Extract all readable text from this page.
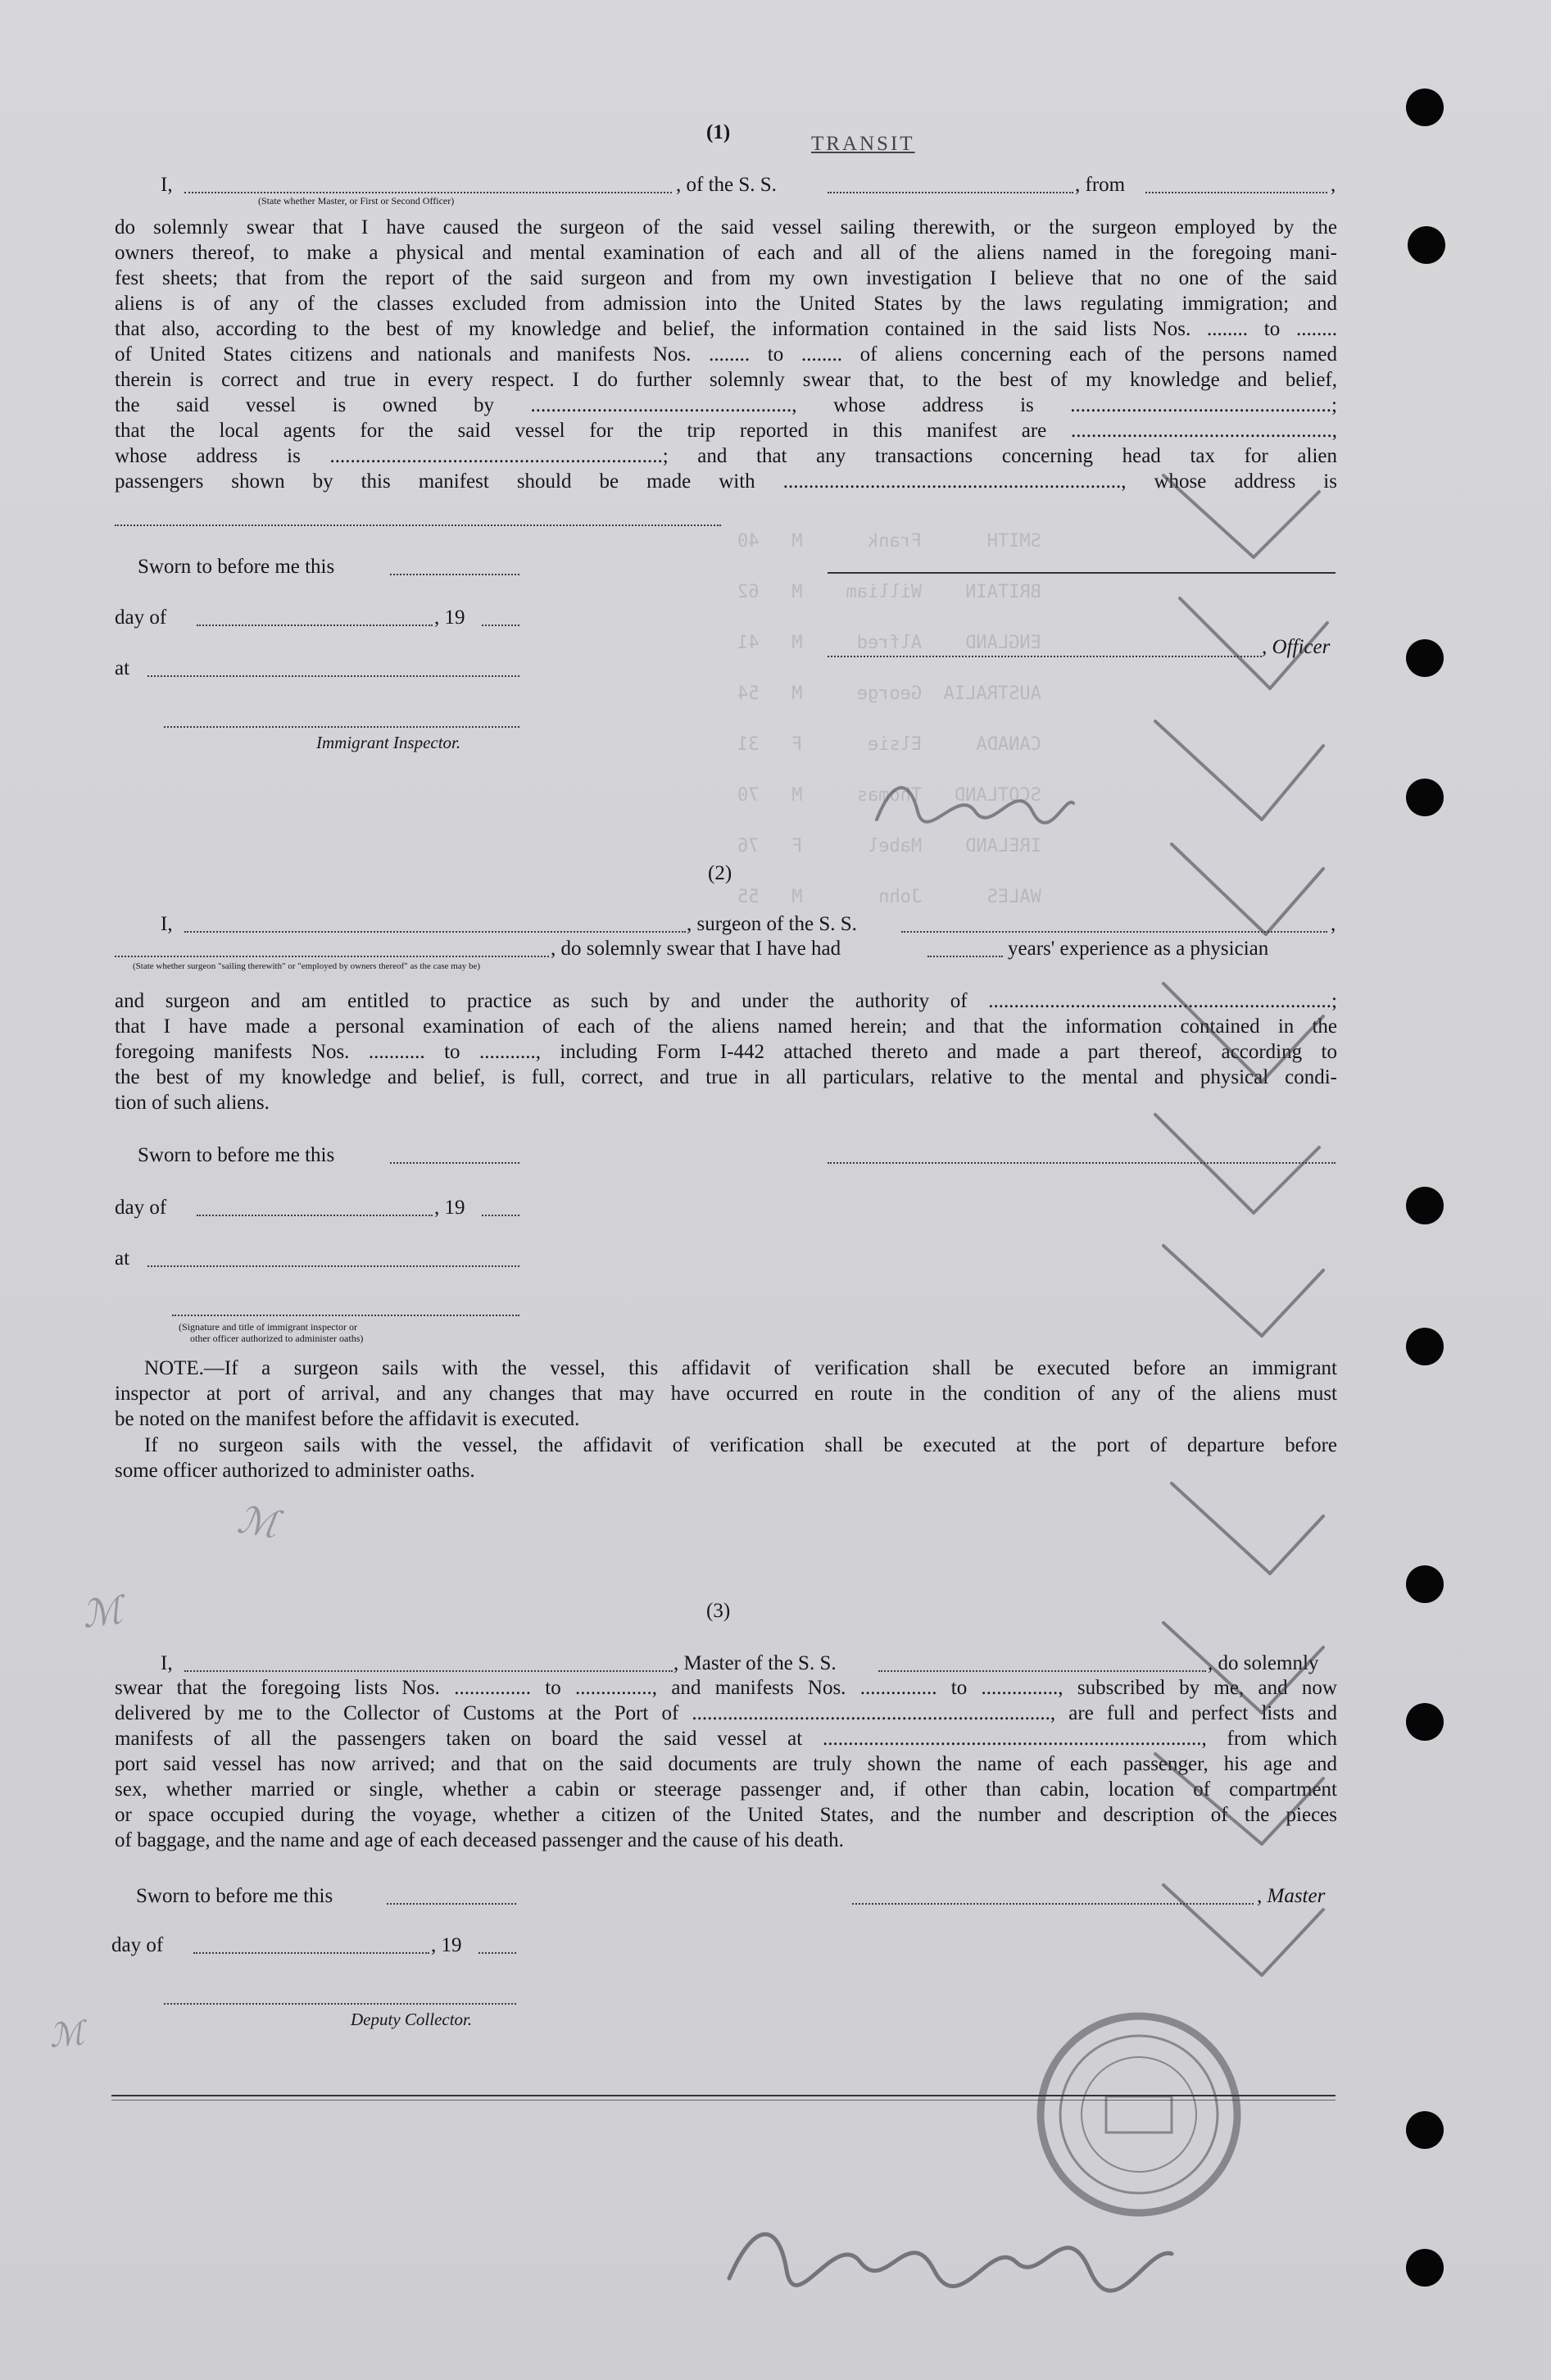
SMITH      Frank      M   40
BRITAIN    William    M   62
ENGLAND    Alfred     M   41
AUSTRALIA  George     M   54
CANADA     Elsie      F   31
SCOTLAND   Thomas     M   70
IRELAND    Mabel      F   76
WALES      John       M   55
TRANSIT
(1)
I,	, of the S. S.	, from	,
(State whether Master, or First or Second Officer)
do solemnly swear that I have caused the surgeon of the said vessel sailing therewith, or the surgeon employed by the
owners thereof, to make a physical and mental examination of each and all of the aliens named in the foregoing mani-
fest sheets; that from the report of the said surgeon and from my own investigation I believe that no one of the said
aliens is of any of the classes excluded from admission into the United States by the laws regulating immigration; and
that also, according to the best of my knowledge and belief, the information contained in the said lists Nos. ........ to ........
of United States citizens and nationals and manifests Nos. ........ to ........ of aliens concerning each of the persons named
therein is correct and true in every respect. I do further solemnly swear that, to the best of my knowledge and belief,
the said vessel is owned by ..................................................., whose address is ...................................................;
that the local agents for the said vessel for the trip reported in this manifest are ...................................................,
whose address is .................................................................; and that any transactions concerning head tax for alien
passengers shown by this manifest should be made with .................................................................., whose address is
Sworn to before me this
day of	, 19
at
, Officer
Immigrant Inspector.
(2)
I,	, surgeon of the S. S.	,
, do solemnly swear that I have had	years' experience as a physician
(State whether surgeon "sailing therewith" or "employed by owners thereof" as the case may be)
and surgeon and am entitled to practice as such by and under the authority of ...................................................................;
that I have made a personal examination of each of the aliens named herein; and that the information contained in the
foregoing manifests Nos. ........... to ..........., including Form I-442 attached thereto and made a part thereof, according to
the best of my knowledge and belief, is full, correct, and true in all particulars, relative to the mental and physical condi-
tion of such aliens.
Sworn to before me this
day of	, 19
at
(Signature and title of immigrant inspector or
other officer authorized to administer oaths)
NOTE.—If a surgeon sails with the vessel, this affidavit of verification shall be executed before an immigrant
inspector at port of arrival, and any changes that may have occurred en route in the condition of any of the aliens must
be noted on the manifest before the affidavit is executed.
If no surgeon sails with the vessel, the affidavit of verification shall be executed at the port of departure before
some officer authorized to administer oaths.
(3)
I,	, Master of the S. S.	, do solemnly
swear that the foregoing lists Nos. ............... to ..............., and manifests Nos. ............... to ..............., subscribed by me, and now
delivered by me to the Collector of Customs at the Port of ......................................................................, are full and perfect lists and
manifests of all the passengers taken on board the said vessel at .........................................................................., from which
port said vessel has now arrived; and that on the said documents are truly shown the name of each passenger, his age and
sex, whether married or single, whether a cabin or steerage passenger and, if other than cabin, location of compartment
or space occupied during the voyage, whether a citizen of the United States, and the number and description of the pieces
of baggage, and the name and age of each deceased passenger and the cause of his death.
Sworn to before me this	, Master
day of	, 19
Deputy Collector.
ℳ
ℳ
ℳ
